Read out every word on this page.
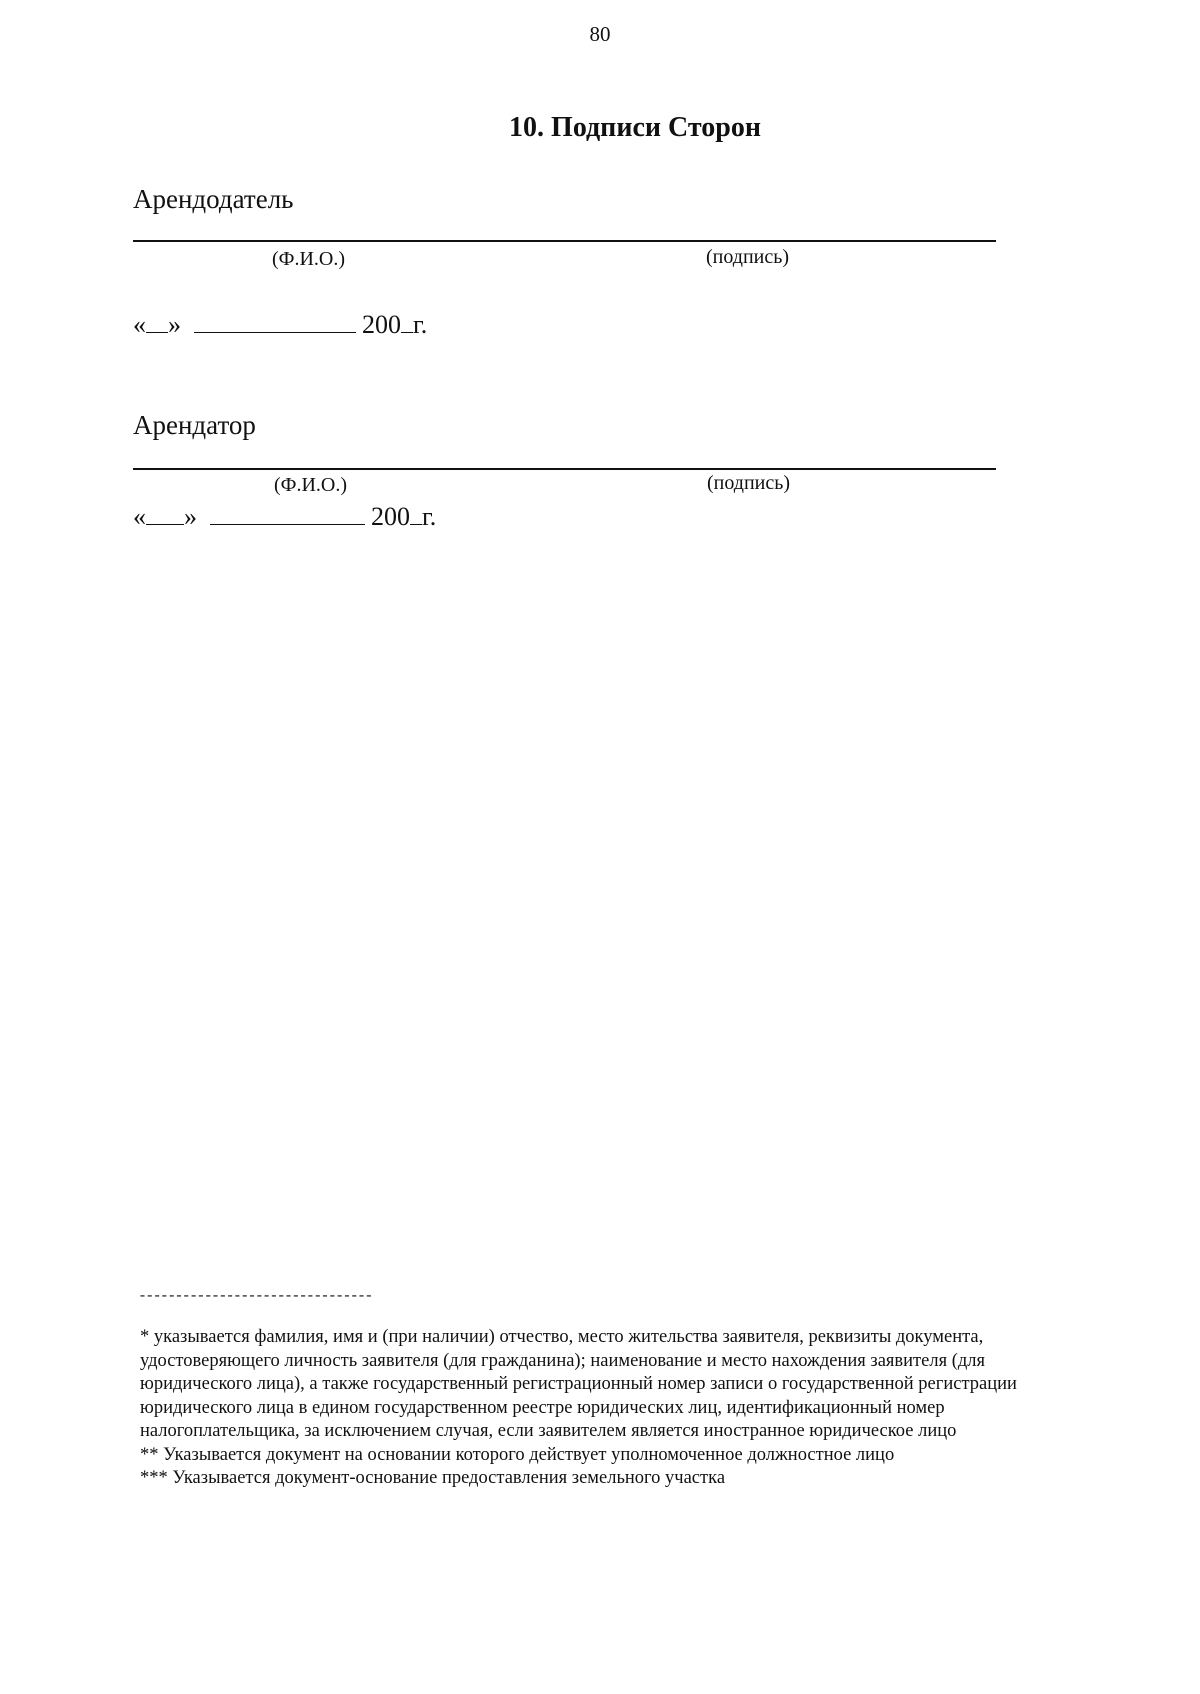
80
10. Подписи Сторон
Арендодатель
(Ф.И.О.)	(подпись)
« »	200 г.
Арендатор
(Ф.И.О.)	(подпись)
« »	200 г.
--------------------------------
* указывается фамилия, имя и (при наличии) отчество, место жительства заявителя, реквизиты документа,
удостоверяющего личность заявителя (для гражданина); наименование и место нахождения заявителя (для
юридического лица), а также государственный регистрационный номер записи о государственной регистрации
юридического лица в едином государственном реестре юридических лиц, идентификационный номер
налогоплательщика, за исключением случая, если заявителем является иностранное юридическое лицо
** Указывается документ на основании которого действует уполномоченное должностное лицо
*** Указывается документ-основание предоставления земельного участка
